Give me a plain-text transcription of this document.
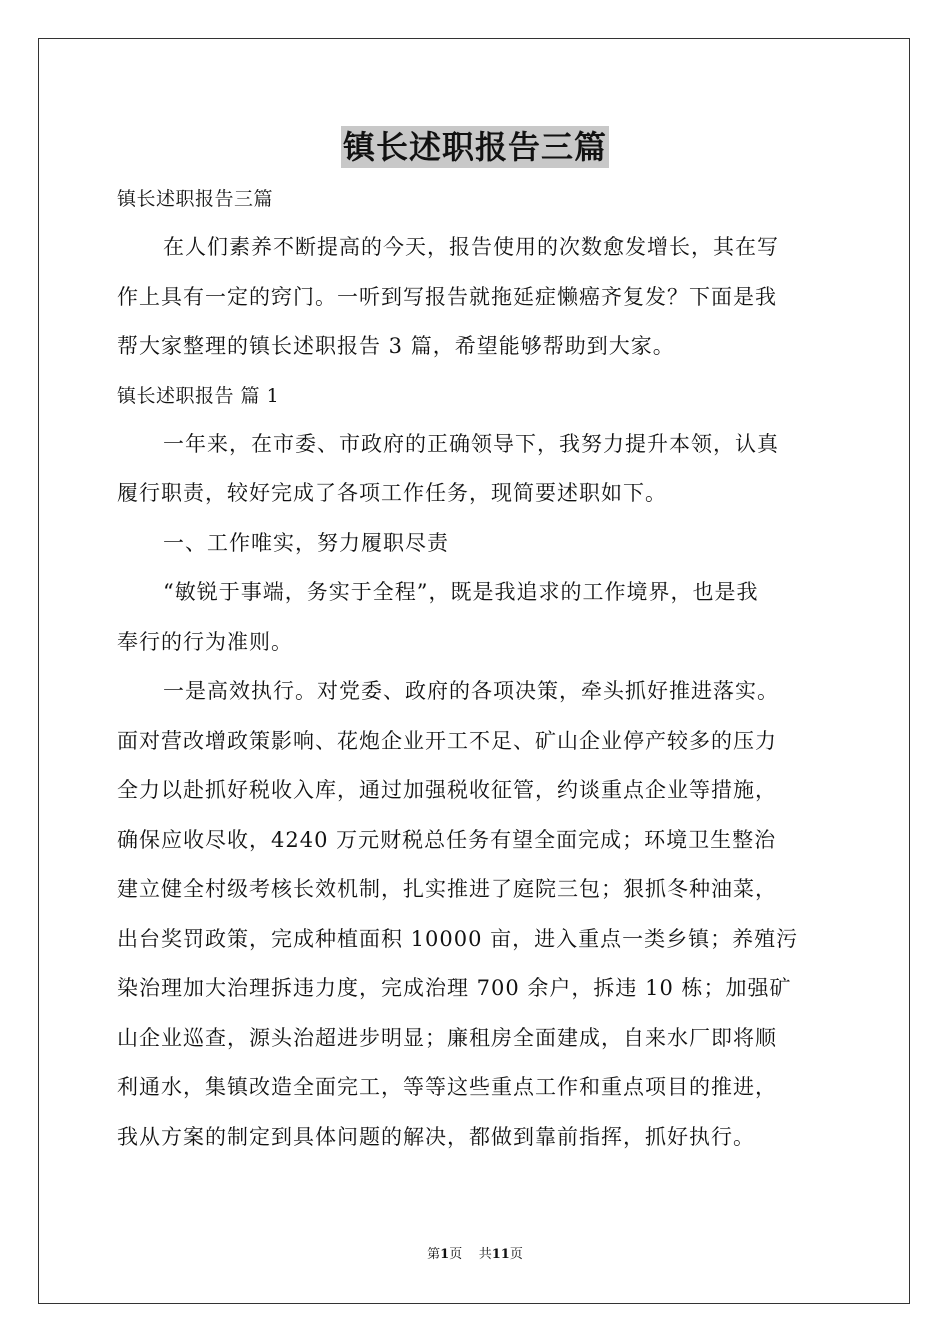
镇长述职报告三篇
镇长述职报告三篇
在人们素养不断提高的今天，报告使用的次数愈发增长，其在写
作上具有一定的窍门。一听到写报告就拖延症懒癌齐复发？下面是我
帮大家整理的镇长述职报告 3 篇，希望能够帮助到大家。
镇长述职报告 篇 1
一年来，在市委、市政府的正确领导下，我努力提升本领，认真
履行职责，较好完成了各项工作任务，现简要述职如下。
一、工作唯实，努力履职尽责
“敏锐于事端，务实于全程”，既是我追求的工作境界，也是我
奉行的行为准则。
一是高效执行。对党委、政府的各项决策，牵头抓好推进落实。
面对营改增政策影响、花炮企业开工不足、矿山企业停产较多的压力
全力以赴抓好税收入库，通过加强税收征管，约谈重点企业等措施，
确保应收尽收，4240 万元财税总任务有望全面完成；环境卫生整治
建立健全村级考核长效机制，扎实推进了庭院三包；狠抓冬种油菜，
出台奖罚政策，完成种植面积 10000 亩，进入重点一类乡镇；养殖污
染治理加大治理拆违力度，完成治理 700 余户，拆违 10 栋；加强矿
山企业巡查，源头治超进步明显；廉租房全面建成，自来水厂即将顺
利通水，集镇改造全面完工，等等这些重点工作和重点项目的推进，
我从方案的制定到具体问题的解决，都做到靠前指挥，抓好执行。
第1页 共11页
